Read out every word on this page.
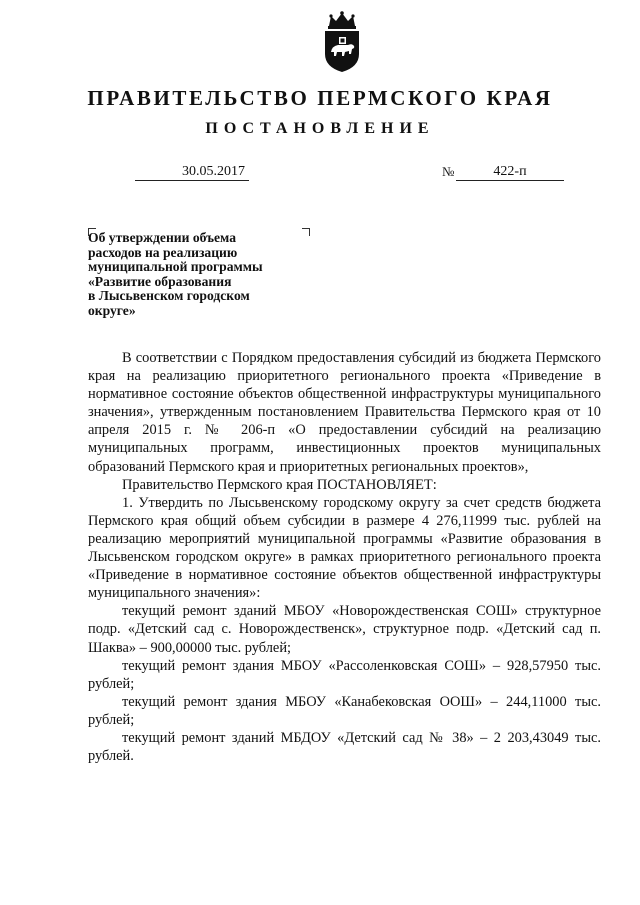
ПРАВИТЕЛЬСТВО ПЕРМСКОГО КРАЯ
ПОСТАНОВЛЕНИЕ
30.05.2017	№	422-п
Об утверждении объема
расходов на реализацию
муниципальной программы
«Развитие образования
в Лысьвенском городском
округе»

В соответствии с Порядком предоставления субсидий из бюджета Пермского края на реализацию приоритетного регионального проекта «Приведение в нормативное состояние объектов общественной инфраструктуры муниципального значения», утвержденным постановлением Правительства Пермского края от 10 апреля 2015 г. № 206-п «О предоставлении субсидий на реализацию муниципальных программ, инвестиционных проектов муниципальных образований Пермского края и приоритетных региональных проектов»,

Правительство Пермского края ПОСТАНОВЛЯЕТ:

1. Утвердить по Лысьвенскому городскому округу за счет средств бюджета Пермского края общий объем субсидии в размере 4 276,11999 тыс. рублей на реализацию мероприятий муниципальной программы «Развитие образования в Лысьвенском городском округе» в рамках приоритетного регионального проекта «Приведение в нормативное состояние объектов общественной инфраструктуры муниципального значения»:

текущий ремонт зданий МБОУ «Новорождественская СОШ» структурное подр. «Детский сад с. Новорождественск», структурное подр. «Детский сад п. Шаква» – 900,00000 тыс. рублей;

текущий ремонт здания МБОУ «Рассоленковская СОШ» – 928,57950 тыс. рублей;

текущий ремонт здания МБОУ «Канабековская ООШ» – 244,11000 тыс. рублей;

текущий ремонт зданий МБДОУ «Детский сад № 38» – 2 203,43049 тыс. рублей.
